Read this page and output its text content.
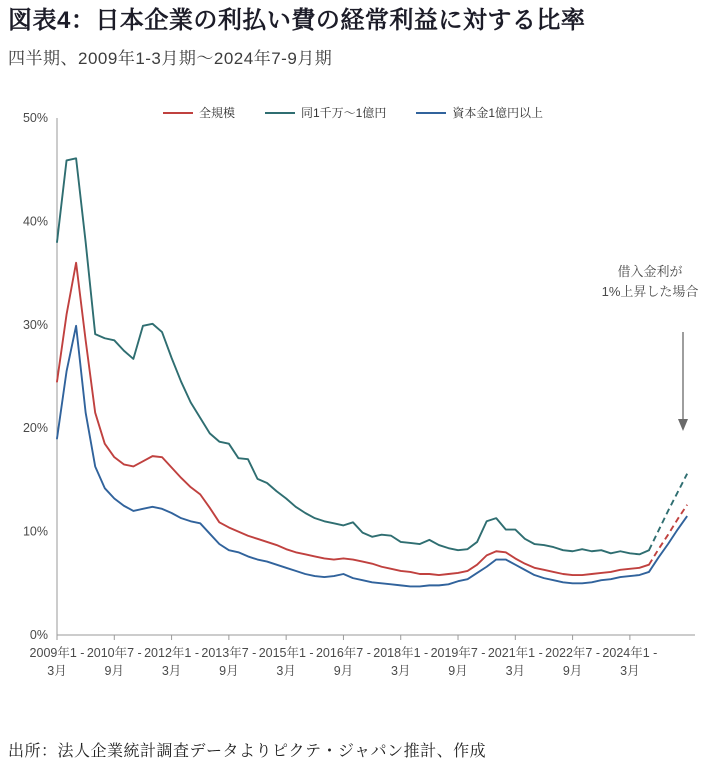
図表4：日本企業の利払い費の経常利益に対する比率
四半期、2009年1-3月期～2024年7-9月期
全規模	同1千万～1億円	資本金1億円以上
0%
10%
20%
30%
40%
50%
2009年1 -3月
2010年7 -9月
2012年1 -3月
2013年7 -9月
2015年1 -3月
2016年7 -9月
2018年1 -3月
2019年7 -9月
2021年1 -3月
2022年7 -9月
2024年1 -3月
借入金利が
1%上昇した場合
出所：法人企業統計調査データよりピクテ・ジャパン推計、作成
